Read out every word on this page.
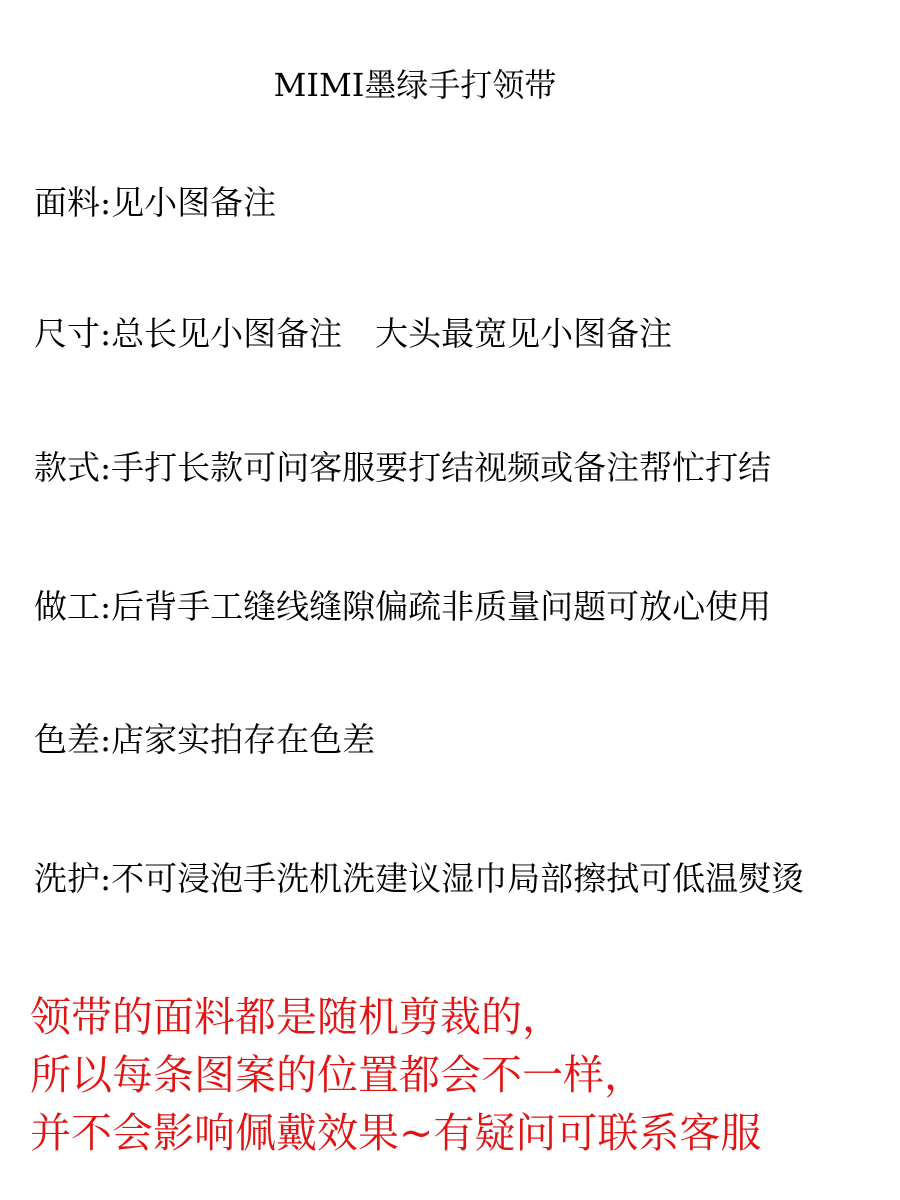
MIMI墨绿手打领带
面料 : 见小图备注
尺寸 : 总长见小图备注　大头最宽见小图备注
款式 : 手打长款可问客服要打结视频或备注帮忙打结
做工 : 后背手工缝线缝隙偏疏非质量问题可放心使用
色差 : 店家实拍存在色差
洗护 : 不可浸泡手洗机洗建议湿巾局部擦拭可低温熨烫
领带的面料都是随机剪裁的，
所以每条图案的位置都会不一样，
并不会影响佩戴效果~有疑问可联系客服
